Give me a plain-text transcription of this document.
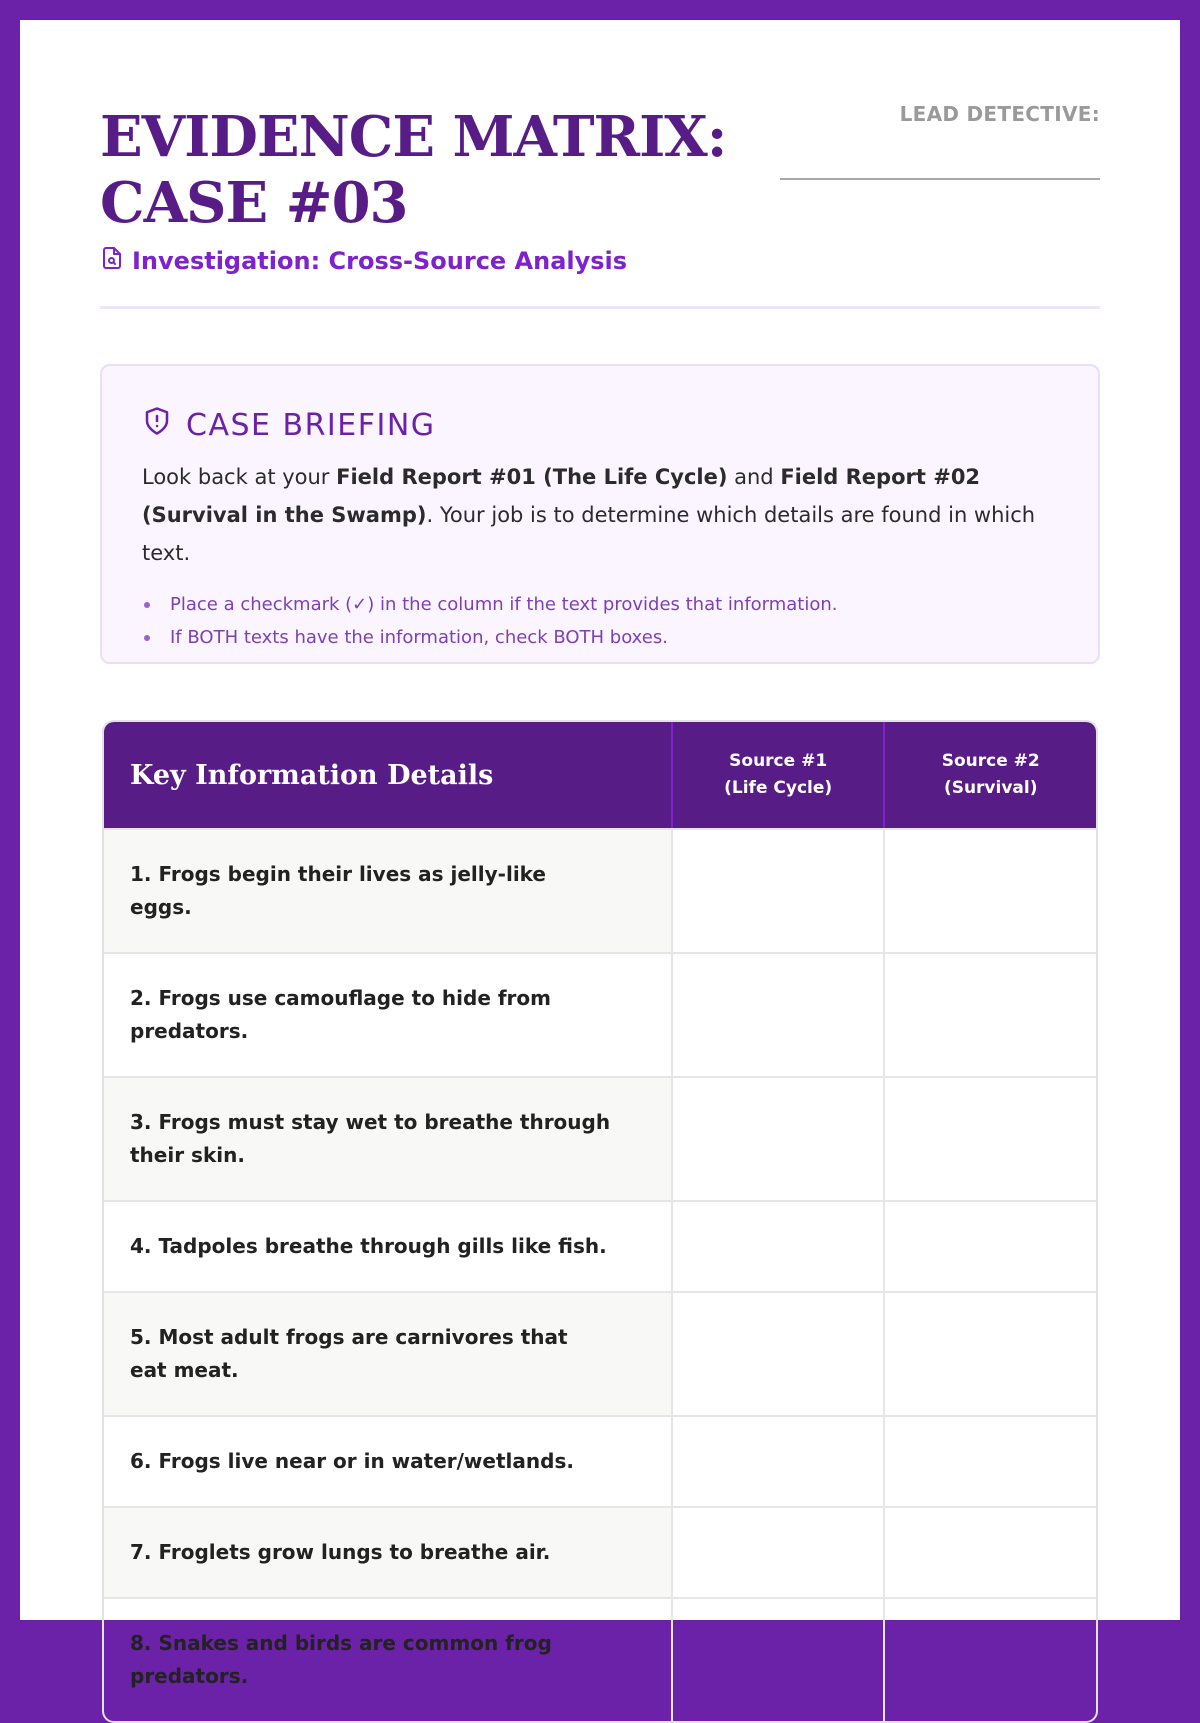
EVIDENCE MATRIX:
CASE #03
Investigation: Cross-Source Analysis
LEAD DETECTIVE:
CASE BRIEFING

Look back at your Field Report #01 (The Life Cycle) and Field Report #02 (Survival in the Swamp). Your job is to determine which details are found in which text.

Place a checkmark (✓) in the column if the text provides that information.
If BOTH texts have the information, check BOTH boxes.
Key Information Details	Source #1
(Life Cycle)
Source #2
(Survival)
1. Frogs begin their lives as jelly-like eggs.
2. Frogs use camouflage to hide from predators.
3. Frogs must stay wet to breathe through their skin.
4. Tadpoles breathe through gills like fish.
5. Most adult frogs are carnivores that eat meat.
6. Frogs live near or in water/wetlands.
7. Froglets grow lungs to breathe air.
8. Snakes and birds are common frog predators.
